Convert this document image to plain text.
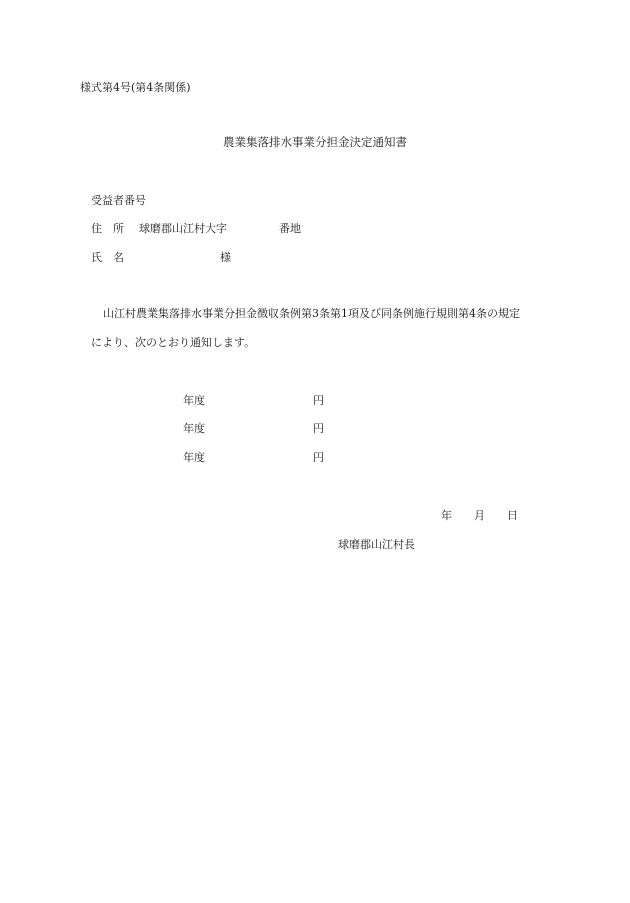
様式第4号(第4条関係)
農業集落排水事業分担金決定通知書
受益者番号
住　所 球磨郡山江村大字	番地
氏　名	様
山江村農業集落排水事業分担金徴収条例第3条第1項及び同条例施行規則第4条の規定
により、次のとおり通知します。
年度	円
年度	円
年度	円
年 月 日
球磨郡山江村長
